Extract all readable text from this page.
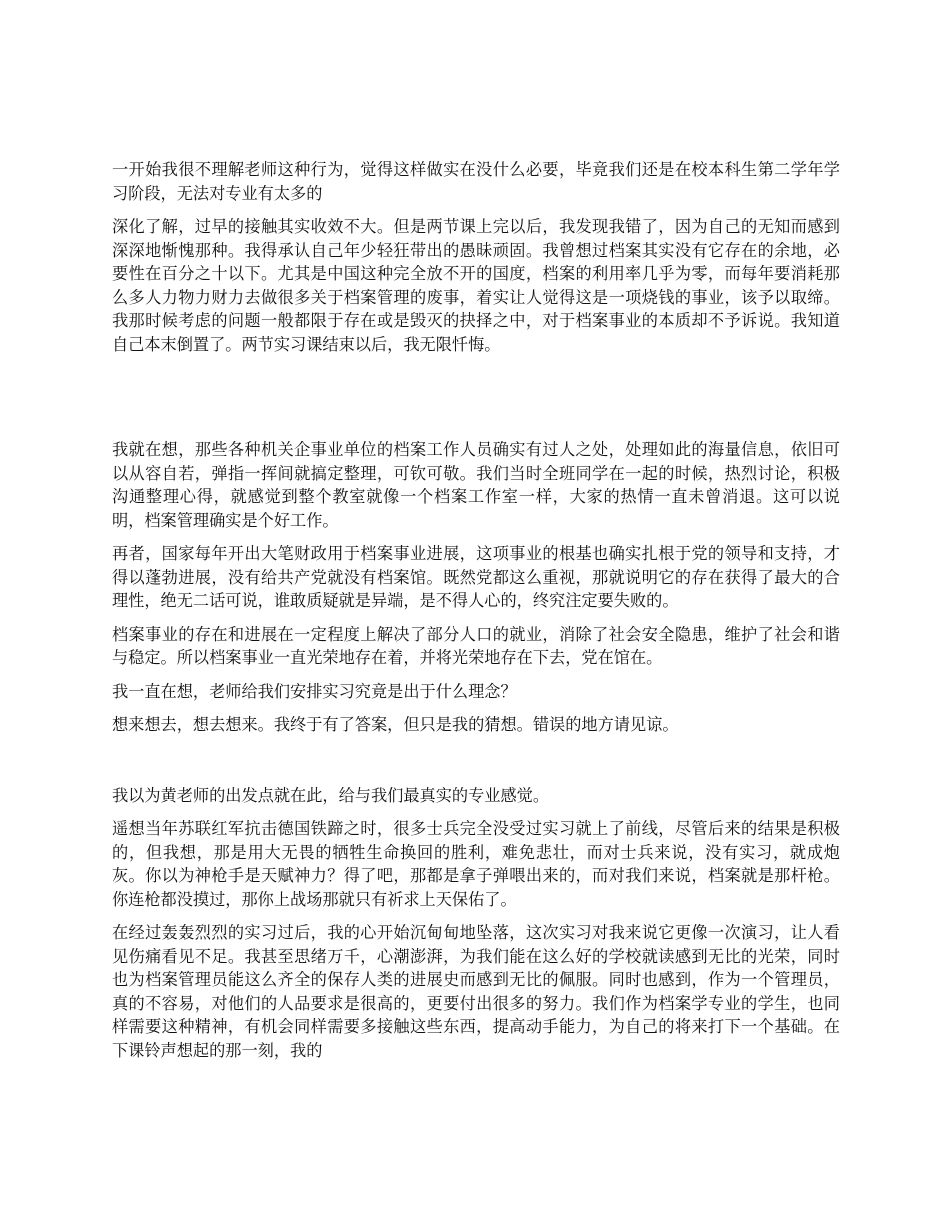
一开始我很不理解老师这种行为，觉得这样做实在没什么必要，毕竟我们还是在校本科生第二学年学习阶段，无法对专业有太多的

深化了解，过早的接触其实收效不大。但是两节课上完以后，我发现我错了，因为自己的无知而感到深深地惭愧那种。我得承认自己年少轻狂带出的愚昧顽固。我曾想过档案其实没有它存在的余地，必要性在百分之十以下。尤其是中国这种完全放不开的国度，档案的利用率几乎为零，而每年要消耗那么多人力物力财力去做很多关于档案管理的废事，着实让人觉得这是一项烧钱的事业，该予以取缔。我那时候考虑的问题一般都限于存在或是毁灭的抉择之中，对于档案事业的本质却不予诉说。我知道自己本末倒置了。两节实习课结束以后，我无限忏悔。

我就在想，那些各种机关企事业单位的档案工作人员确实有过人之处，处理如此的海量信息，依旧可以从容自若，弹指一挥间就搞定整理，可钦可敬。我们当时全班同学在一起的时候，热烈讨论，积极沟通整理心得，就感觉到整个教室就像一个档案工作室一样，大家的热情一直未曾消退。这可以说明，档案管理确实是个好工作。

再者，国家每年开出大笔财政用于档案事业进展，这项事业的根基也确实扎根于党的领导和支持，才得以蓬勃进展，没有给共产党就没有档案馆。既然党都这么重视，那就说明它的存在获得了最大的合理性，绝无二话可说，谁敢质疑就是异端，是不得人心的，终究注定要失败的。

档案事业的存在和进展在一定程度上解决了部分人口的就业，消除了社会安全隐患，维护了社会和谐与稳定。所以档案事业一直光荣地存在着，并将光荣地存在下去，党在馆在。

我一直在想，老师给我们安排实习究竟是出于什么理念？

想来想去，想去想来。我终于有了答案，但只是我的猜想。错误的地方请见谅。

我以为黄老师的出发点就在此，给与我们最真实的专业感觉。

遥想当年苏联红军抗击德国铁蹄之时，很多士兵完全没受过实习就上了前线，尽管后来的结果是积极的，但我想，那是用大无畏的牺牲生命换回的胜利，难免悲壮，而对士兵来说，没有实习，就成炮灰。你以为神枪手是天赋神力？得了吧，那都是拿子弹喂出来的，而对我们来说，档案就是那杆枪。你连枪都没摸过，那你上战场那就只有祈求上天保佑了。

在经过轰轰烈烈的实习过后，我的心开始沉甸甸地坠落，这次实习对我来说它更像一次演习，让人看见伤痛看见不足。我甚至思绪万千，心潮澎湃，为我们能在这么好的学校就读感到无比的光荣，同时也为档案管理员能这么齐全的保存人类的进展史而感到无比的佩服。同时也感到，作为一个管理员，真的不容易，对他们的人品要求是很高的，更要付出很多的努力。我们作为档案学专业的学生，也同样需要这种精神，有机会同样需要多接触这些东西，提高动手能力，为自己的将来打下一个基础。在下课铃声想起的那一刻，我的
